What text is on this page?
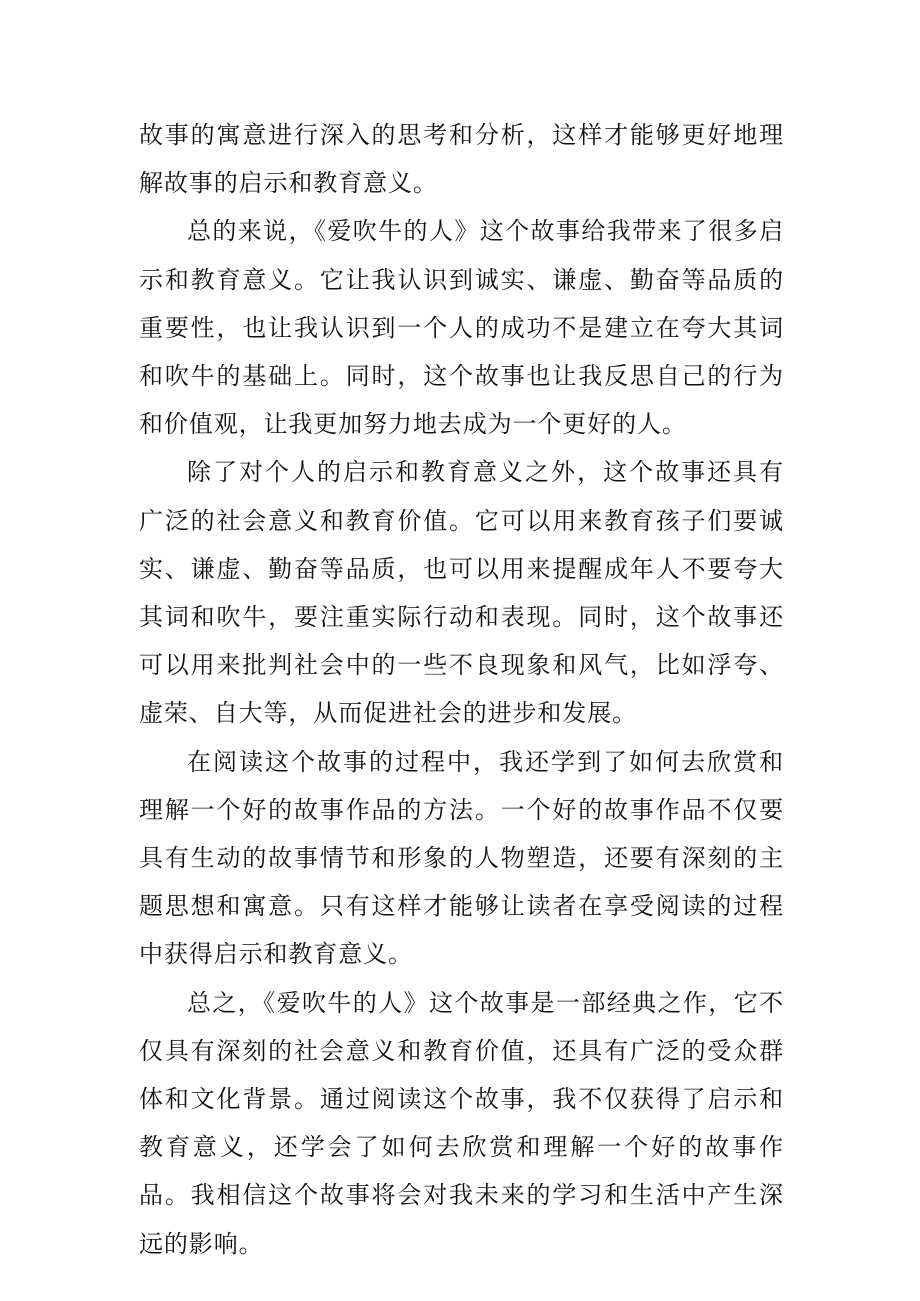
故事的寓意进行深入的思考和分析，这样才能够更好地理解故事的启示和教育意义。

总的来说，《爱吹牛的人》这个故事给我带来了很多启示和教育意义。它让我认识到诚实、谦虚、勤奋等品质的重要性，也让我认识到一个人的成功不是建立在夸大其词和吹牛的基础上。同时，这个故事也让我反思自己的行为和价值观，让我更加努力地去成为一个更好的人。

除了对个人的启示和教育意义之外，这个故事还具有广泛的社会意义和教育价值。它可以用来教育孩子们要诚实、谦虚、勤奋等品质，也可以用来提醒成年人不要夸大其词和吹牛，要注重实际行动和表现。同时，这个故事还可以用来批判社会中的一些不良现象和风气，比如浮夸、虚荣、自大等，从而促进社会的进步和发展。

在阅读这个故事的过程中，我还学到了如何去欣赏和理解一个好的故事作品的方法。一个好的故事作品不仅要具有生动的故事情节和形象的人物塑造，还要有深刻的主题思想和寓意。只有这样才能够让读者在享受阅读的过程中获得启示和教育意义。

总之，《爱吹牛的人》这个故事是一部经典之作，它不仅具有深刻的社会意义和教育价值，还具有广泛的受众群体和文化背景。通过阅读这个故事，我不仅获得了启示和教育意义，还学会了如何去欣赏和理解一个好的故事作品。我相信这个故事将会对我未来的学习和生活中产生深远的影响。
